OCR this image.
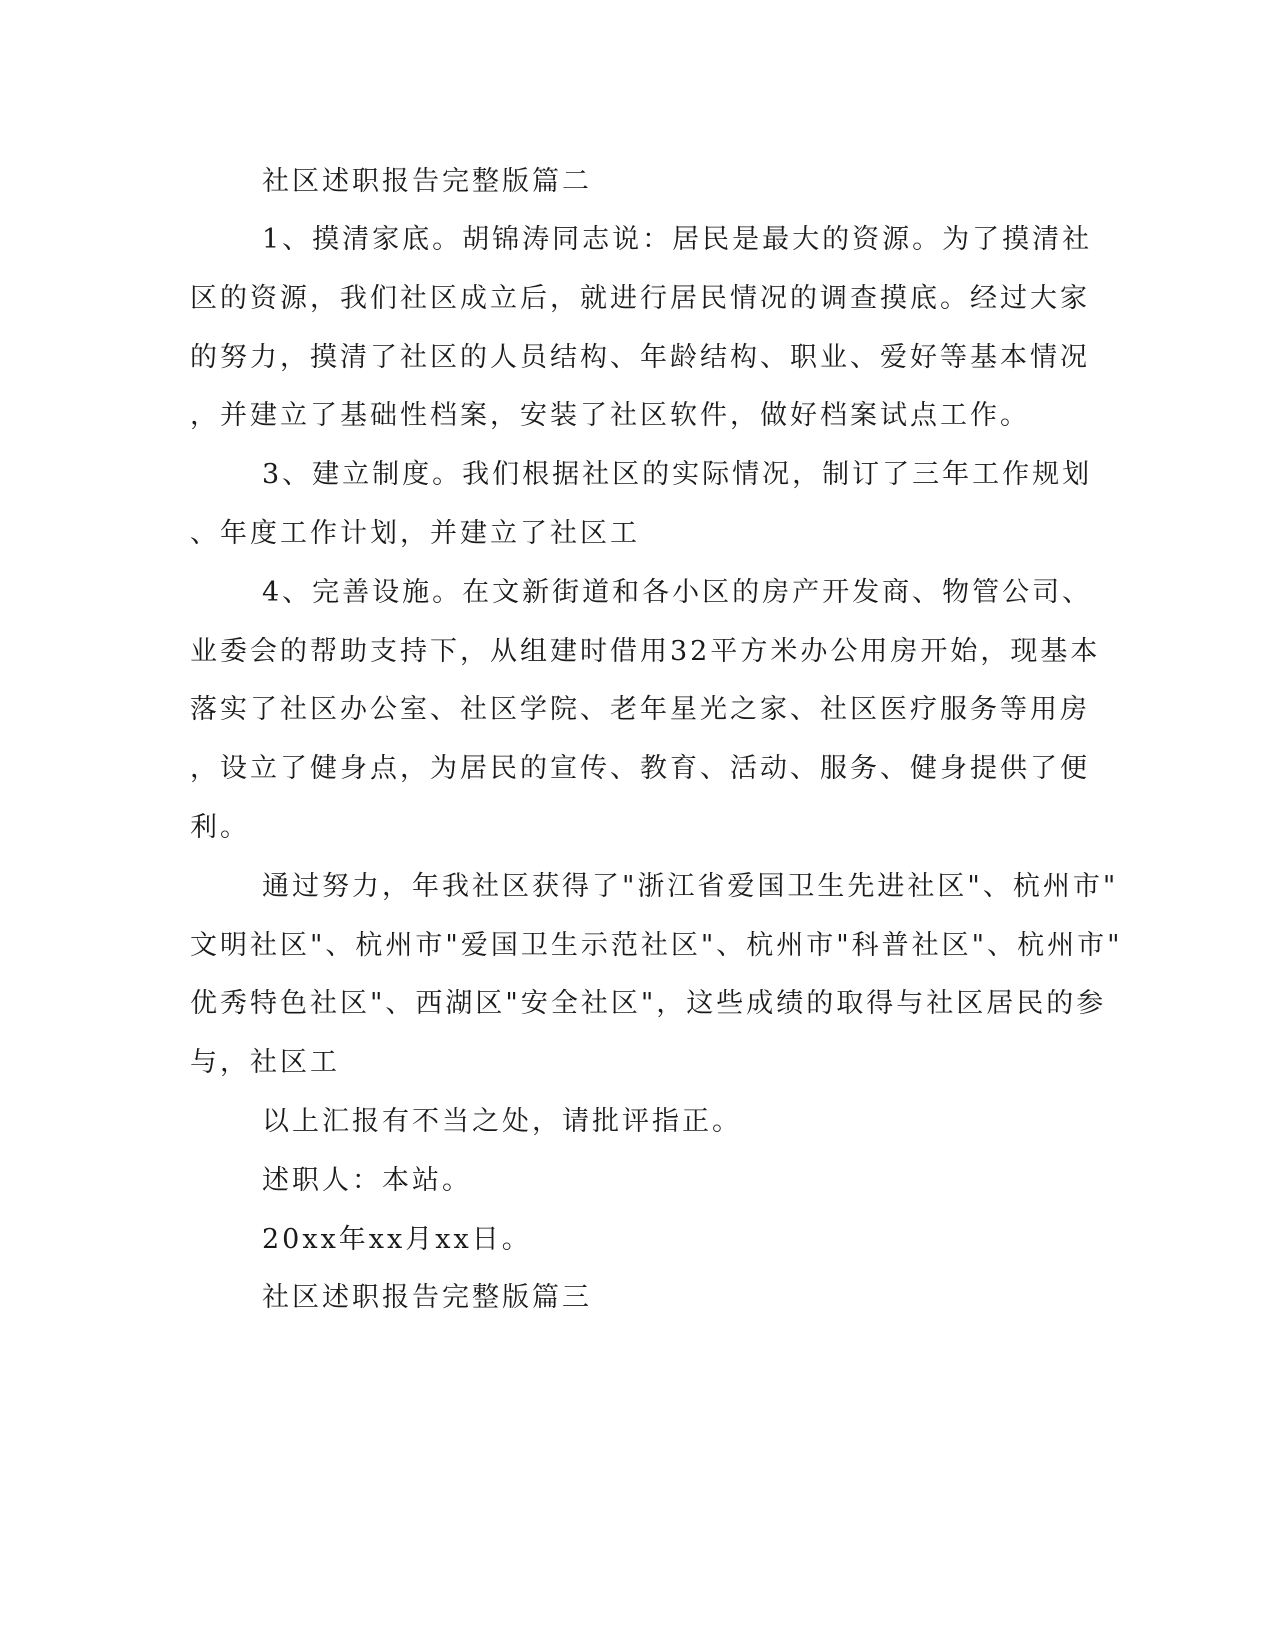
社区述职报告完整版篇二
1、摸清家底。胡锦涛同志说：居民是最大的资源。为了摸清社
区的资源，我们社区成立后，就进行居民情况的调查摸底。经过大家
的努力，摸清了社区的人员结构、年龄结构、职业、爱好等基本情况
，并建立了基础性档案，安装了社区软件，做好档案试点工作。
3、建立制度。我们根据社区的实际情况，制订了三年工作规划
、年度工作计划，并建立了社区工
4、完善设施。在文新街道和各小区的房产开发商、物管公司、
业委会的帮助支持下，从组建时借用32平方米办公用房开始，现基本
落实了社区办公室、社区学院、老年星光之家、社区医疗服务等用房
，设立了健身点，为居民的宣传、教育、活动、服务、健身提供了便
利。
通过努力，年我社区获得了"浙江省爱国卫生先进社区"、杭州市"
文明社区"、杭州市"爱国卫生示范社区"、杭州市"科普社区"、杭州市"
优秀特色社区"、西湖区"安全社区"，这些成绩的取得与社区居民的参
与，社区工
以上汇报有不当之处，请批评指正。
述职人：本站。
20xx年xx月xx日。
社区述职报告完整版篇三
